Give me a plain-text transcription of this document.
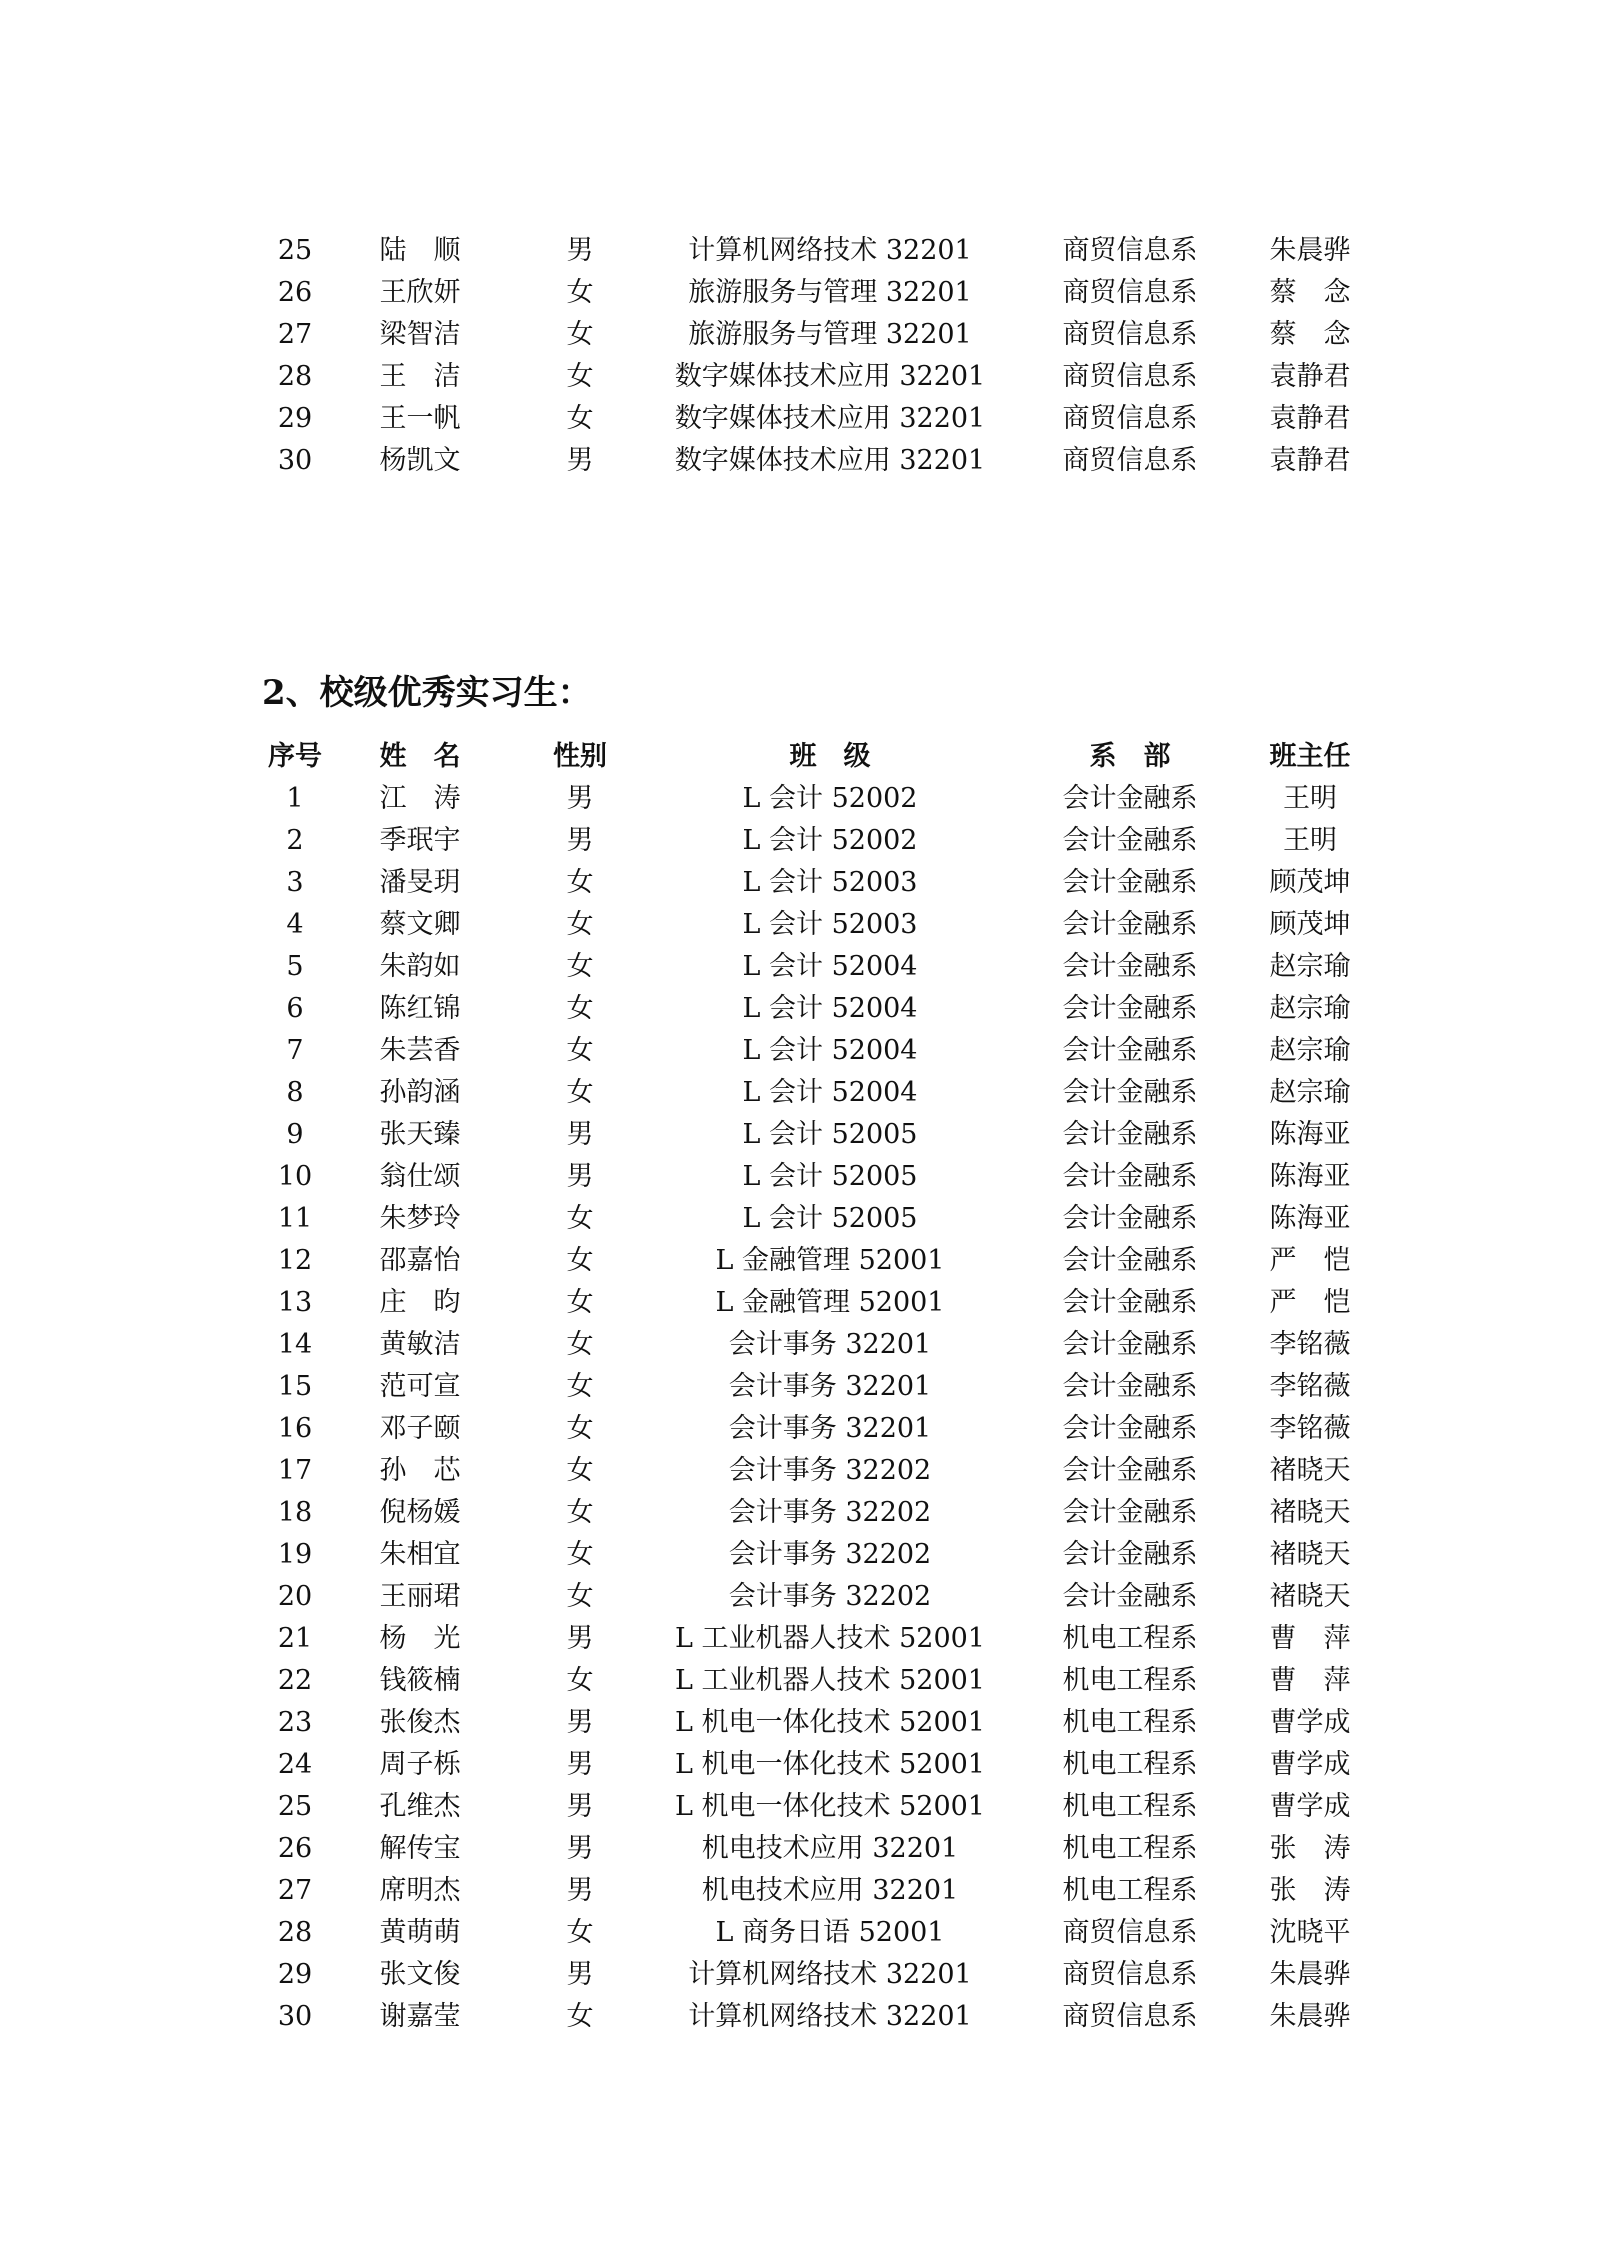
25	陆　顺	男	计算机网络技术 32201	商贸信息系	朱晨骅
26	王欣妍	女	旅游服务与管理 32201	商贸信息系	蔡　念
27	梁智洁	女	旅游服务与管理 32201	商贸信息系	蔡　念
28	王　洁	女	数字媒体技术应用 32201	商贸信息系	袁静君
29	王一帆	女	数字媒体技术应用 32201	商贸信息系	袁静君
30	杨凯文	男	数字媒体技术应用 32201	商贸信息系	袁静君
2、校级优秀实习生：
序号	姓　名	性别	班　级	系　部	班主任
1	江　涛	男	L 会计 52002	会计金融系	王明
2	季珉宇	男	L 会计 52002	会计金融系	王明
3	潘旻玥	女	L 会计 52003	会计金融系	顾茂坤
4	蔡文卿	女	L 会计 52003	会计金融系	顾茂坤
5	朱韵如	女	L 会计 52004	会计金融系	赵宗瑜
6	陈红锦	女	L 会计 52004	会计金融系	赵宗瑜
7	朱芸香	女	L 会计 52004	会计金融系	赵宗瑜
8	孙韵涵	女	L 会计 52004	会计金融系	赵宗瑜
9	张天臻	男	L 会计 52005	会计金融系	陈海亚
10	翁仕颂	男	L 会计 52005	会计金融系	陈海亚
11	朱梦玲	女	L 会计 52005	会计金融系	陈海亚
12	邵嘉怡	女	L 金融管理 52001	会计金融系	严　恺
13	庄　昀	女	L 金融管理 52001	会计金融系	严　恺
14	黄敏洁	女	会计事务 32201	会计金融系	李铭薇
15	范可宣	女	会计事务 32201	会计金融系	李铭薇
16	邓子颐	女	会计事务 32201	会计金融系	李铭薇
17	孙　芯	女	会计事务 32202	会计金融系	褚晓天
18	倪杨媛	女	会计事务 32202	会计金融系	褚晓天
19	朱相宜	女	会计事务 32202	会计金融系	褚晓天
20	王丽珺	女	会计事务 32202	会计金融系	褚晓天
21	杨　光	男	L 工业机器人技术 52001	机电工程系	曹　萍
22	钱筱楠	女	L 工业机器人技术 52001	机电工程系	曹　萍
23	张俊杰	男	L 机电一体化技术 52001	机电工程系	曹学成
24	周子栎	男	L 机电一体化技术 52001	机电工程系	曹学成
25	孔维杰	男	L 机电一体化技术 52001	机电工程系	曹学成
26	解传宝	男	机电技术应用 32201	机电工程系	张　涛
27	席明杰	男	机电技术应用 32201	机电工程系	张　涛
28	黄萌萌	女	L 商务日语 52001	商贸信息系	沈晓平
29	张文俊	男	计算机网络技术 32201	商贸信息系	朱晨骅
30	谢嘉莹	女	计算机网络技术 32201	商贸信息系	朱晨骅
